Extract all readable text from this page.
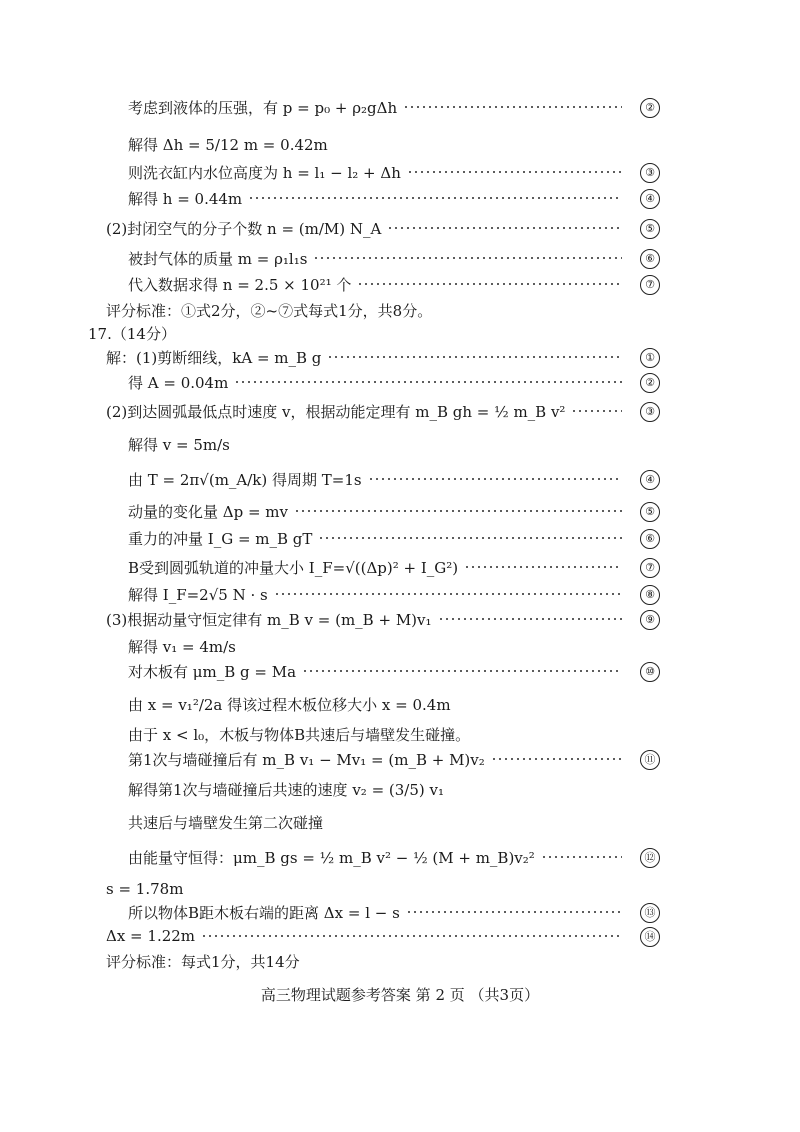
考虑到液体的压强，有 p = p₀ + ρ₂gΔh	②
解得 Δh = 5/12 m = 0.42m
则洗衣缸内水位高度为 h = l₁ − l₂ + Δh	③
解得 h = 0.44m	④
(2)封闭空气的分子个数 n = (m/M) N_A	⑤
被封气体的质量 m = ρ₁l₁s	⑥
代入数据求得 n = 2.5 × 10²¹ 个	⑦
评分标准：①式2分，②~⑦式每式1分，共8分。
17.（14分）
解：(1)剪断细线，kA = m_B g	①
得 A = 0.04m	②
(2)到达圆弧最低点时速度 v，根据动能定理有 m_B gh = ½ m_B v²	③
解得 v = 5m/s
由 T = 2π√(m_A/k) 得周期 T=1s	④
动量的变化量 Δp = mv	⑤
重力的冲量 I_G = m_B gT	⑥
B受到圆弧轨道的冲量大小 I_F=√((Δp)² + I_G²)	⑦
解得 I_F=2√5 N · s	⑧
(3)根据动量守恒定律有 m_B v = (m_B + M)v₁	⑨
解得 v₁ = 4m/s
对木板有 μm_B g = Ma	⑩
由 x = v₁²/2a 得该过程木板位移大小 x = 0.4m
由于 x < l₀，木板与物体B共速后与墙壁发生碰撞。
第1次与墙碰撞后有 m_B v₁ − Mv₁ = (m_B + M)v₂	⑪
解得第1次与墙碰撞后共速的速度 v₂ = (3/5) v₁
共速后与墙壁发生第二次碰撞
由能量守恒得：μm_B gs = ½ m_B v² − ½ (M + m_B)v₂²	⑫
s = 1.78m
所以物体B距木板右端的距离 Δx = l − s	⑬
Δx = 1.22m	⑭
评分标准：每式1分，共14分
高三物理试题参考答案 第 2 页 （共3页）
